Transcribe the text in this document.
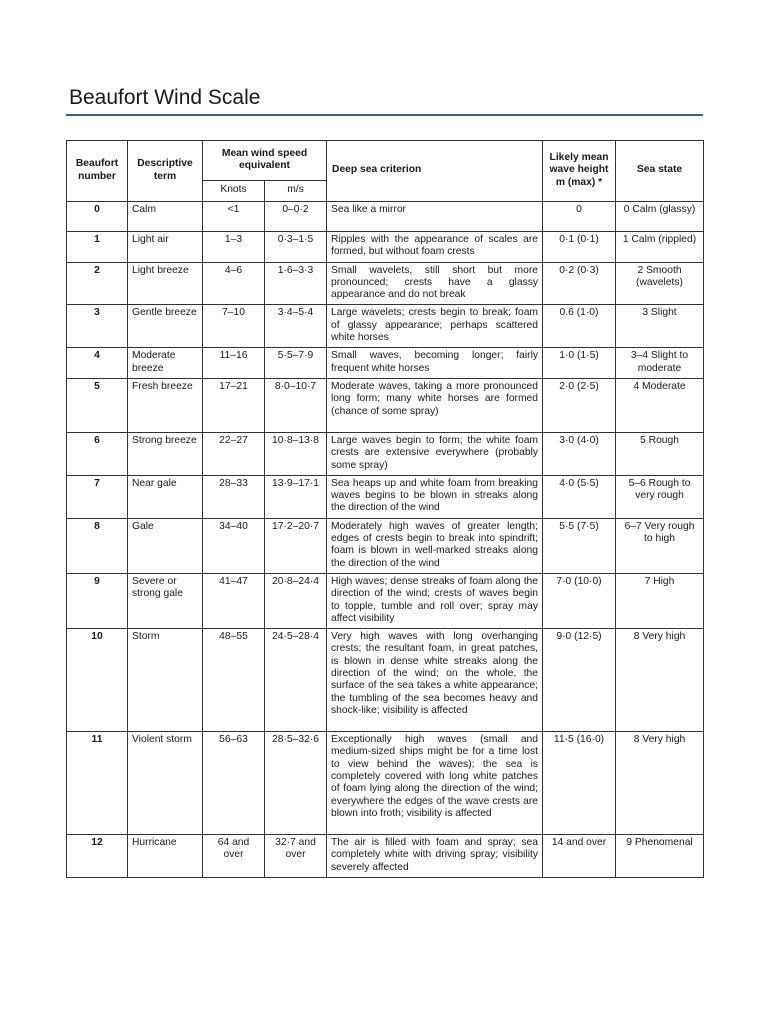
Beaufort Wind Scale
Beaufort number	Descriptive term	Mean wind speed equivalent		Deep sea criterion	Likely mean wave height m (max) *	Sea state
		Knots	m/s			
0	Calm	<1	0–0·2	Sea like a mirror	0	0 Calm (glassy)
1	Light air	1–3	0·3–1·5	Ripples with the appearance of scales are formed, but without foam crests	0·1 (0·1)	1 Calm (rippled)
2	Light breeze	4–6	1·6–3·3	Small wavelets, still short but more pronounced; crests have a glassy appearance and do not break	0·2 (0·3)	2 Smooth (wavelets)
3	Gentle breeze	7–10	3·4–5·4	Large wavelets; crests begin to break; foam of glassy appearance; perhaps scattered white horses	0.6 (1·0)	3 Slight
4	Moderate breeze	11–16	5·5–7·9	Small waves, becoming longer; fairly frequent white horses	1·0 (1·5)	3–4 Slight to moderate
5	Fresh breeze	17–21	8·0–10·7	Moderate waves, taking a more pronounced long form; many white horses are formed (chance of some spray)	2·0 (2·5)	4 Moderate
6	Strong breeze	22–27	10·8–13·8	Large waves begin to form; the white foam crests are extensive everywhere (probably some spray)	3·0 (4·0)	5 Rough
7	Near gale	28–33	13·9–17·1	Sea heaps up and white foam from breaking waves begins to be blown in streaks along the direction of the wind	4·0 (5·5)	5–6 Rough to very rough
8	Gale	34–40	17·2–20·7	Moderately high waves of greater length; edges of crests begin to break into spindrift; foam is blown in well-marked streaks along the direction of the wind	5·5 (7·5)	6–7 Very rough to high
9	Severe or strong gale	41–47	20·8–24·4	High waves; dense streaks of foam along the direction of the wind; crests of waves begin to topple, tumble and roll over; spray may affect visibility	7·0 (10·0)	7 High
10	Storm	48–55	24·5–28·4	Very high waves with long overhanging crests; the resultant foam, in great patches, is blown in dense white streaks along the direction of the wind; on the whole, the surface of the sea takes a white appearance; the tumbling of the sea becomes heavy and shock-like; visibility is affected	9·0 (12·5)	8 Very high
11	Violent storm	56–63	28·5–32·6	Exceptionally high waves (small and medium-sized ships might be for a time lost to view behind the waves); the sea is completely covered with long white patches of foam lying along the direction of the wind; everywhere the edges of the wave crests are blown into froth; visibility is affected	11·5 (16·0)	8 Very high
12	Hurricane	64 and over	32·7 and over	The air is filled with foam and spray; sea completely white with driving spray; visibility severely affected	14 and over	9 Phenomenal
